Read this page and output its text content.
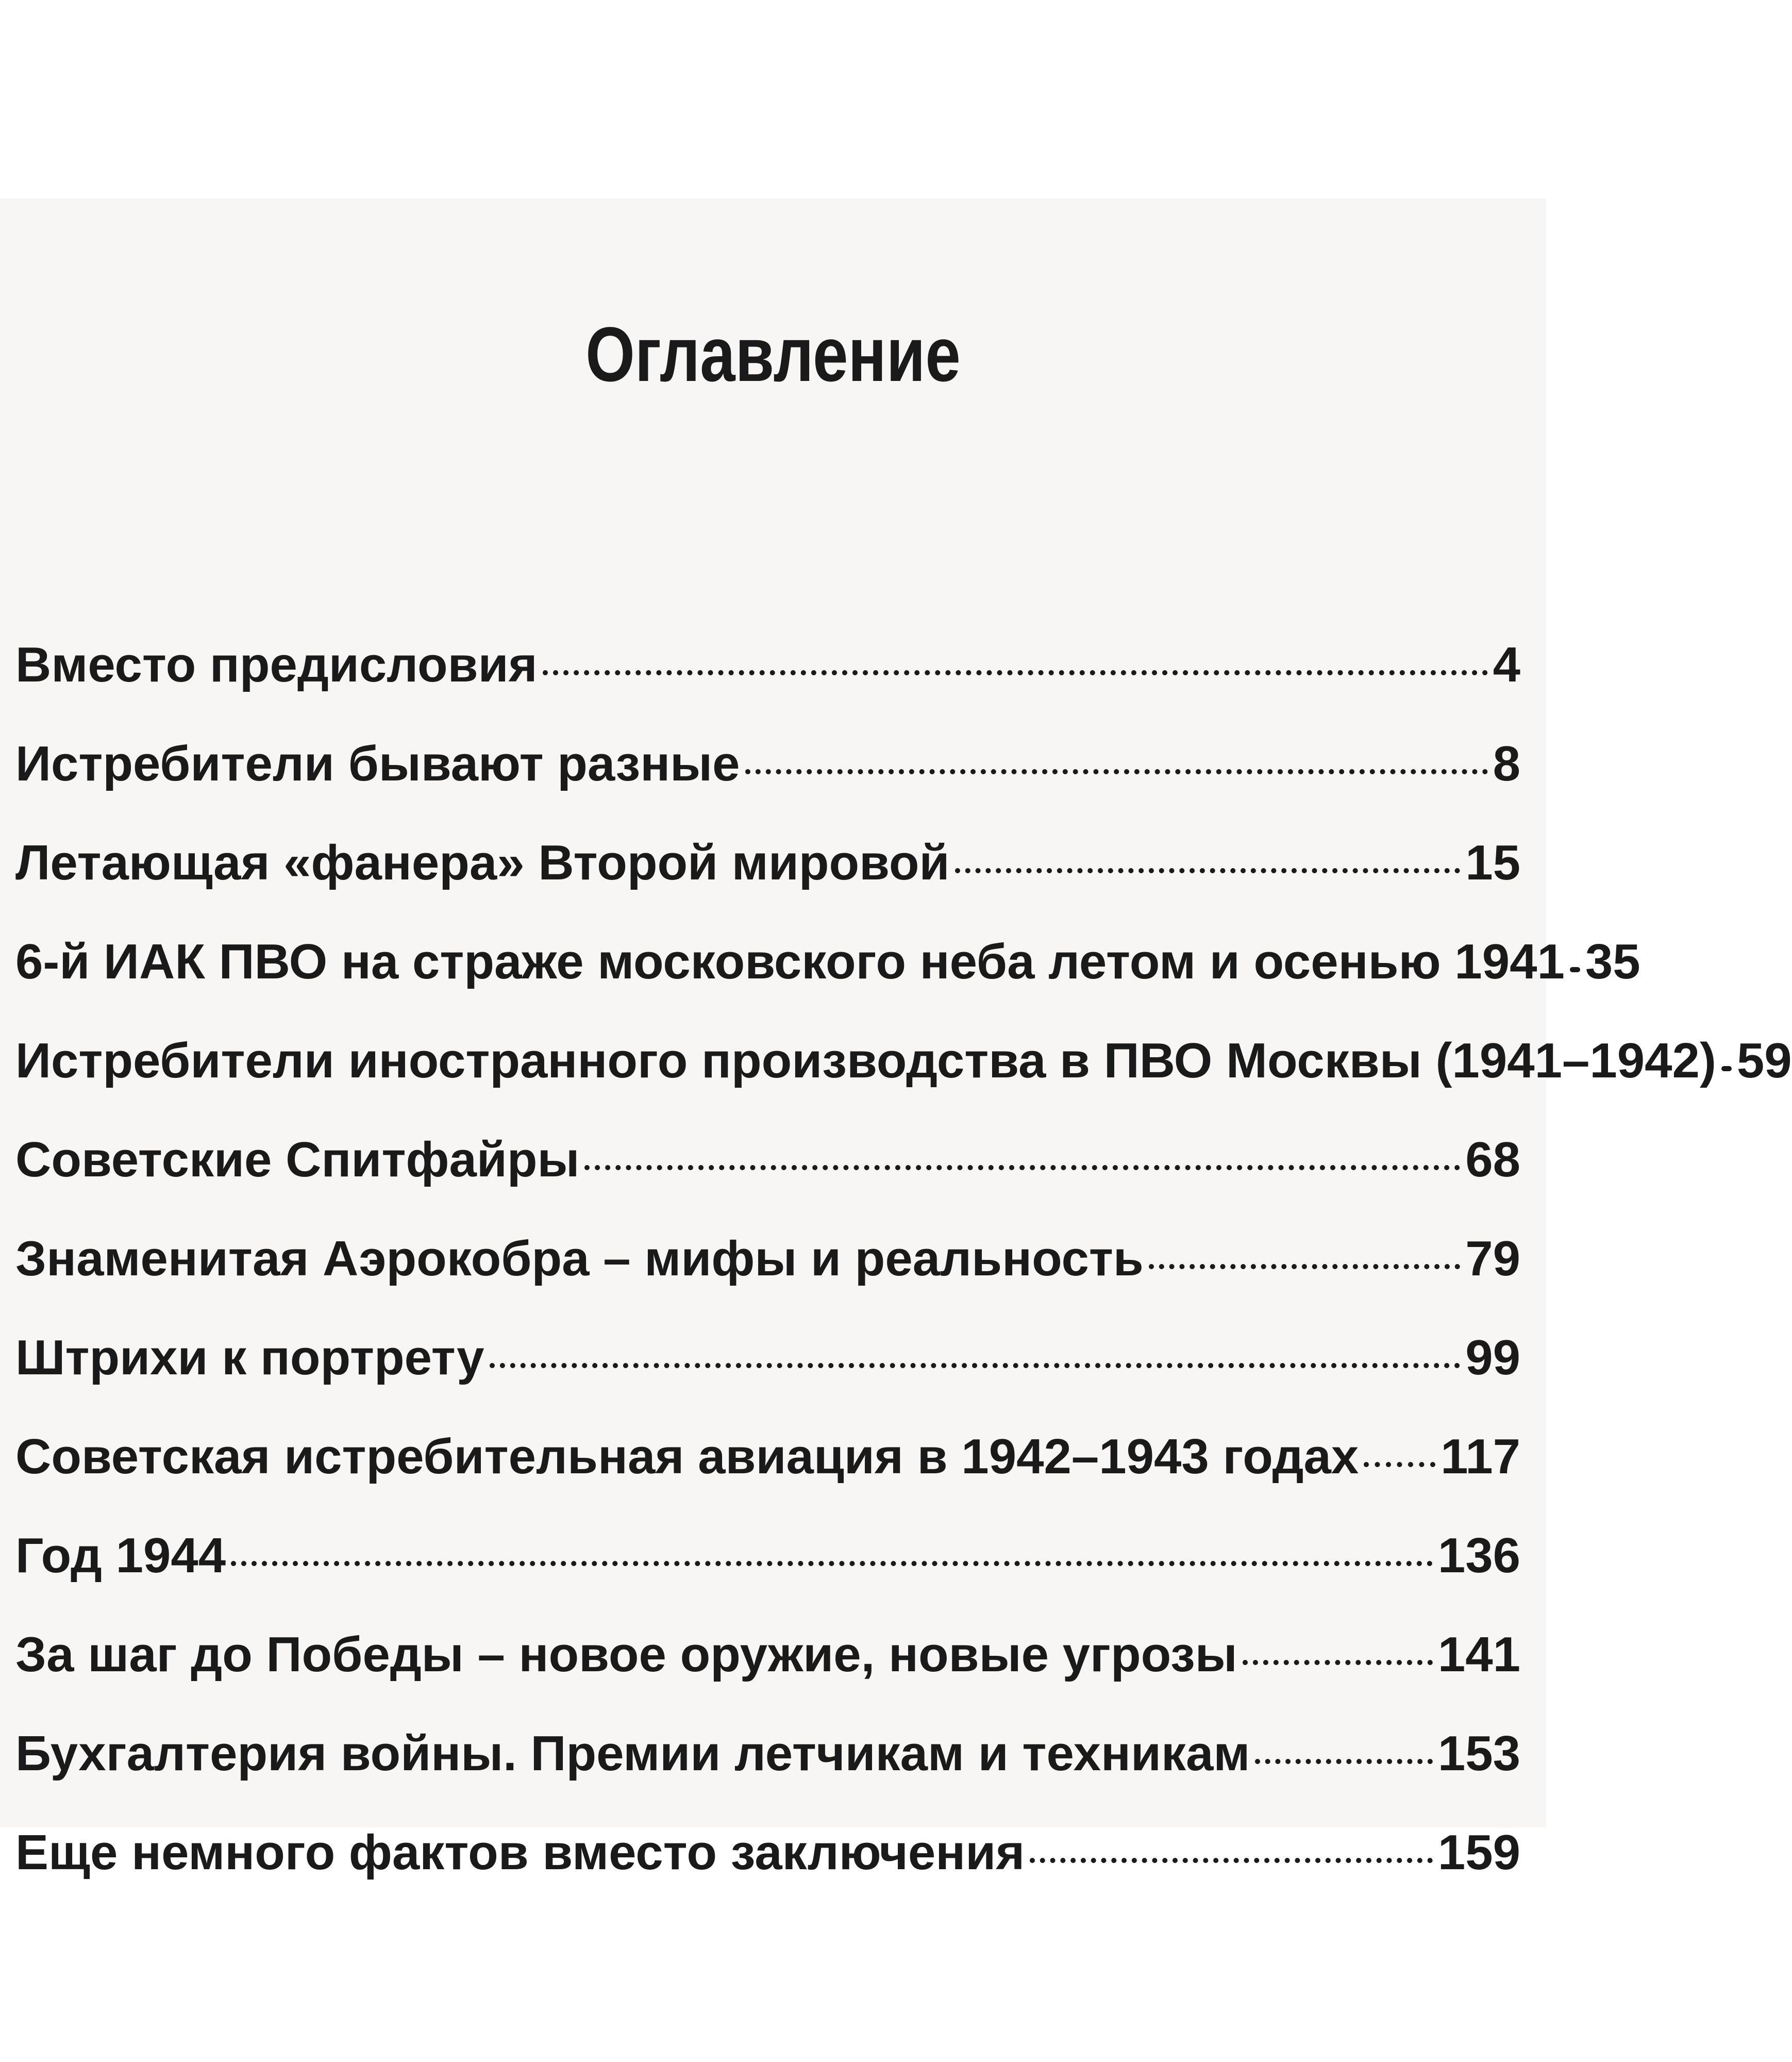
Оглавление
Вместо предисловия	4
Истребители бывают разные	8
Летающая «фанера» Второй мировой	15
6-й ИАК ПВО на страже московского неба летом и осенью 1941 35
Истребители иностранного производства в ПВО Москвы (1941–1942) 59
Советские Спитфайры	68
Знаменитая Аэрокобра – мифы и реальность	79
Штрихи к портрету	99
Советская истребительная авиация в 1942–1943 годах 117
Год 1944	136
За шаг до Победы – новое оружие, новые угрозы	141
Бухгалтерия войны. Премии летчикам и техникам	153
Еще немного фактов вместо заключения	159
